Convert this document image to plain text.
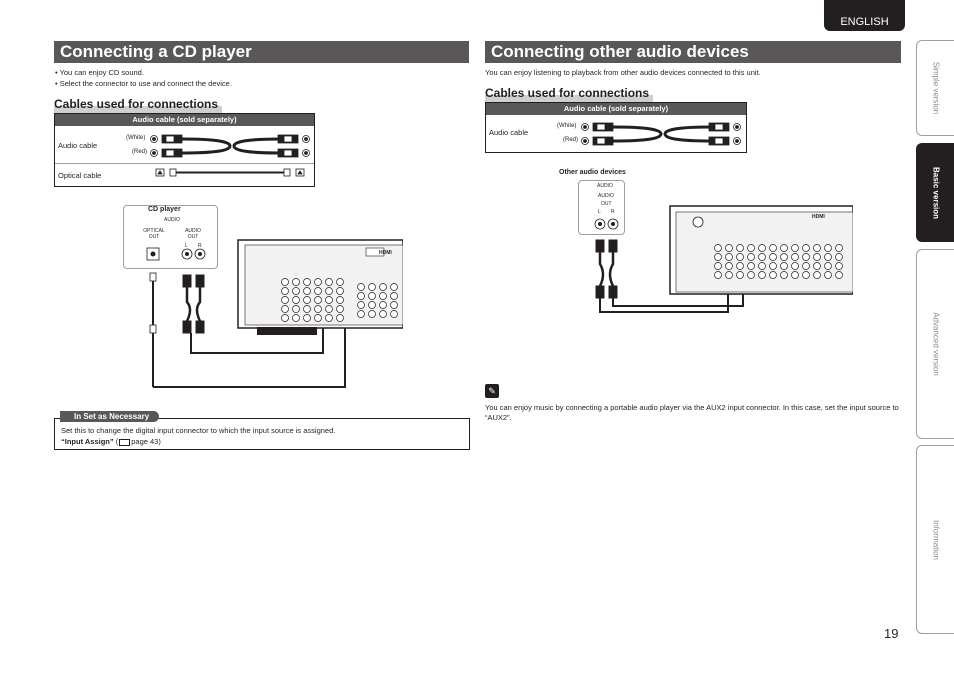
ENGLISH
Connecting a CD player
• You can enjoy CD sound.
• Select the connector to use and connect the device.
Cables used for connections
Audio cable (sold separately)
Audio cable
(White)
(Red)
Optical cable
CD player
AUDIO
OPTICAL OUT
AUDIO OUT
L R
HDMI
Set this to change the digital input connector to which the input source is assigned.
“Input Assign” ( page 43)
In Set as Necessary
Connecting other audio devices
You can enjoy listening to playback from other audio devices connected to this unit.
Cables used for connections
Audio cable (sold separately)
Audio cable
(White)
(Red)
Other audio devices
AUDIO
AUDIO
OUT
L R
HDMI
✎
You can enjoy music by connecting a portable audio player via the AUX2 input connector. In this case, set the input source to “AUX2”.
Simple version
Basic version
Advanced version
Information
19
